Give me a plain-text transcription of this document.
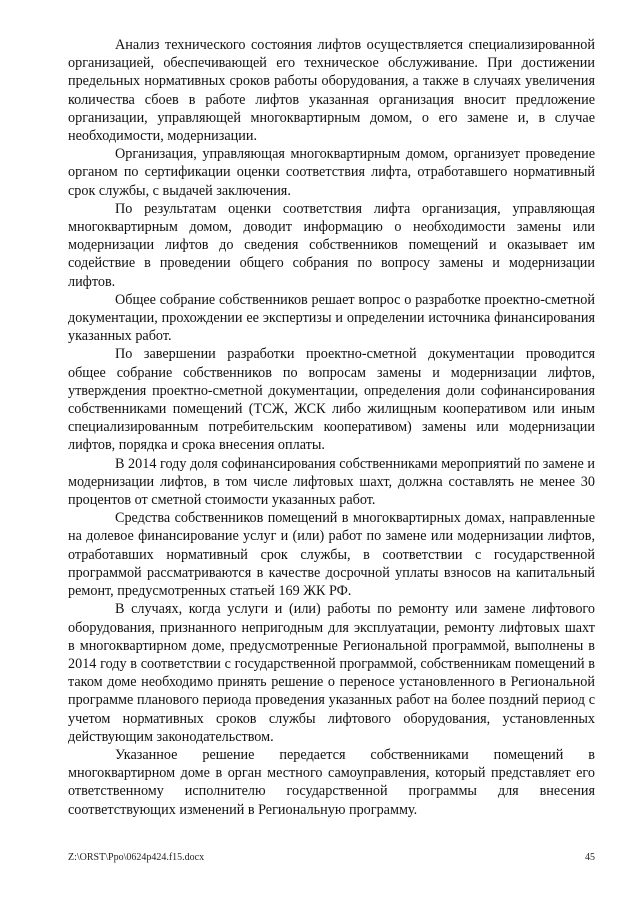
Анализ технического состояния лифтов осуществляется специализированной организацией, обеспечивающей его техническое обслуживание. При достижении предельных нормативных сроков работы оборудования, а также в случаях увеличения количества сбоев в работе лифтов указанная организация вносит предложение организации, управляющей многоквартирным домом, о его замене и, в случае необходимости, модернизации.

Организация, управляющая многоквартирным домом, организует проведение органом по сертификации оценки соответствия лифта, отработавшего нормативный срок службы, с выдачей заключения.

По результатам оценки соответствия лифта организация, управляющая многоквартирным домом, доводит информацию о необходимости замены или модернизации лифтов до сведения собственников помещений и оказывает им содействие в проведении общего собрания по вопросу замены и модернизации лифтов.

Общее собрание собственников решает вопрос о разработке проектно-сметной документации, прохождении ее экспертизы и определении источника финансирования указанных работ.

По завершении разработки проектно-сметной документации проводится общее собрание собственников по вопросам замены и модернизации лифтов, утверждения проектно-сметной документации, определения доли софинансирования собственниками помещений (ТСЖ, ЖСК либо жилищным кооперативом или иным специализированным потребительским кооперативом) замены или модернизации лифтов, порядка и срока внесения оплаты.

В 2014 году доля софинансирования собственниками мероприятий по замене и модернизации лифтов, в том числе лифтовых шахт, должна составлять не менее 30 процентов от сметной стоимости указанных работ.

Средства собственников помещений в многоквартирных домах, направленные на долевое финансирование услуг и (или) работ по замене или модернизации лифтов, отработавших нормативный срок службы, в соответствии с государственной программой рассматриваются в качестве досрочной уплаты взносов на капитальный ремонт, предусмотренных статьей 169 ЖК РФ.

В случаях, когда услуги и (или) работы по ремонту или замене лифтового оборудования, признанного непригодным для эксплуатации, ремонту лифтовых шахт в многоквартирном доме, предусмотренные Региональной программой, выполнены в 2014 году в соответствии с государственной программой, собственникам помещений в таком доме необходимо принять решение о переносе установленного в Региональной программе планового периода проведения указанных работ на более поздний период с учетом нормативных сроков службы лифтового оборудования, установленных действующим законодательством.

Указанное решение передается собственниками помещений в многоквартирном доме в орган местного самоуправления, который представляет его ответственному исполнителю государственной программы для внесения соответствующих изменений в Региональную программу.

Z:\ORST\Ppo\0624p424.f15.docx	45
